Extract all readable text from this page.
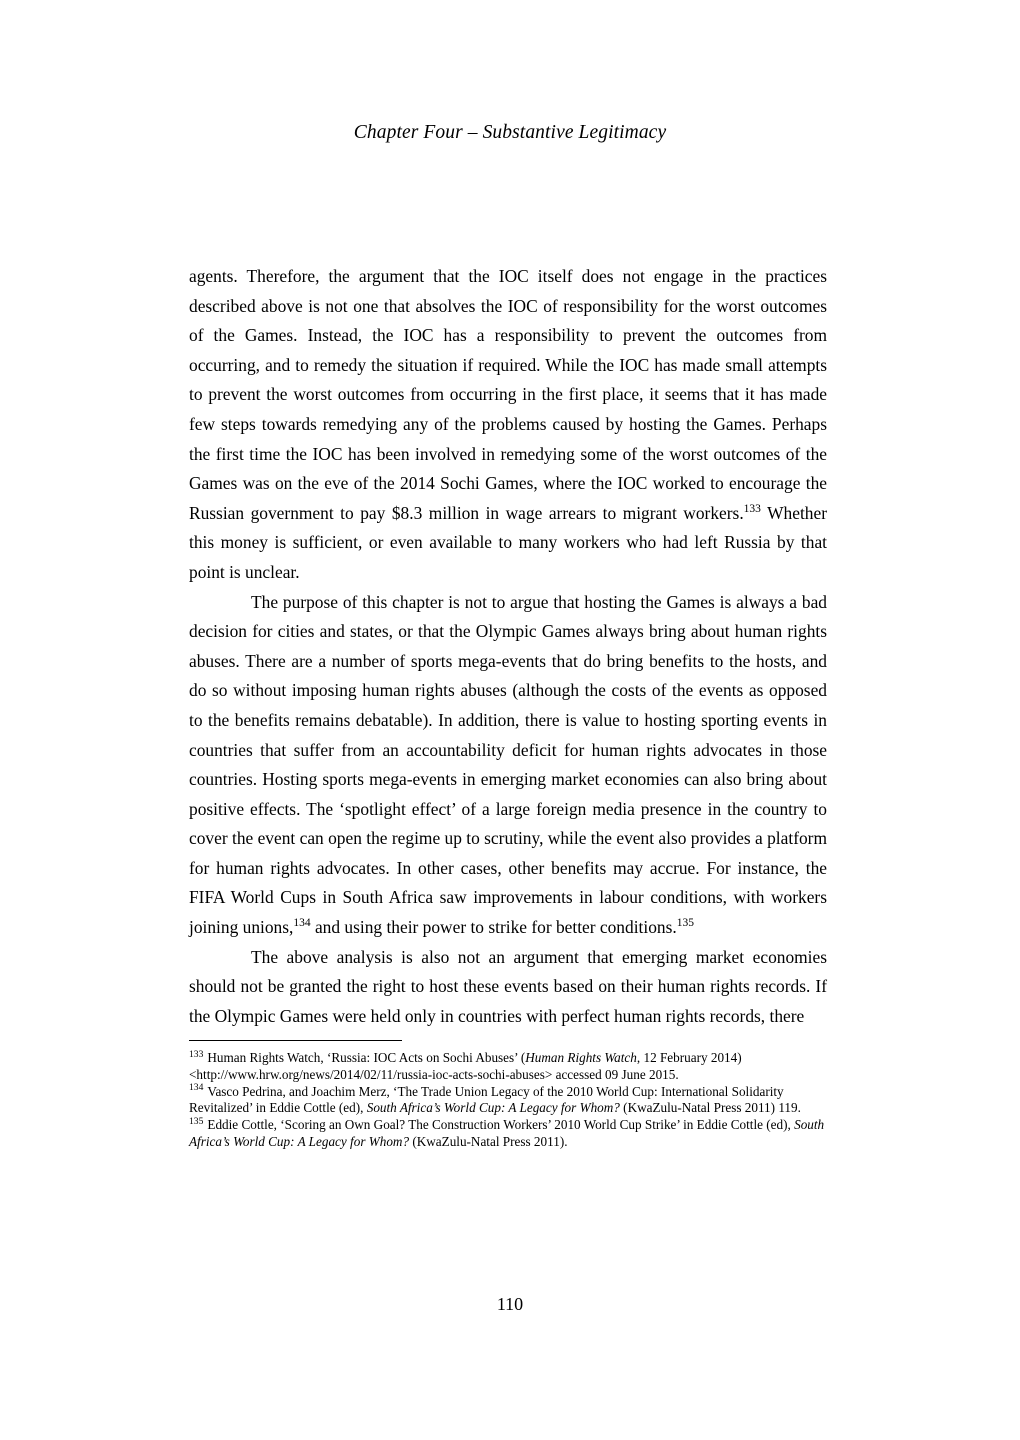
Chapter Four – Substantive Legitimacy

agents. Therefore, the argument that the IOC itself does not engage in the practices described above is not one that absolves the IOC of responsibility for the worst outcomes of the Games. Instead, the IOC has a responsibility to prevent the outcomes from occurring, and to remedy the situation if required. While the IOC has made small attempts to prevent the worst outcomes from occurring in the first place, it seems that it has made few steps towards remedying any of the problems caused by hosting the Games. Perhaps the first time the IOC has been involved in remedying some of the worst outcomes of the Games was on the eve of the 2014 Sochi Games, where the IOC worked to encourage the Russian government to pay $8.3 million in wage arrears to migrant workers.$^{133}$ Whether this money is sufficient, or even available to many workers who had left Russia by that point is unclear.

The purpose of this chapter is not to argue that hosting the Games is always a bad decision for cities and states, or that the Olympic Games always bring about human rights abuses. There are a number of sports mega-events that do bring benefits to the hosts, and do so without imposing human rights abuses (although the costs of the events as opposed to the benefits remains debatable). In addition, there is value to hosting sporting events in countries that suffer from an accountability deficit for human rights advocates in those countries. Hosting sports mega-events in emerging market economies can also bring about positive effects. The ‘spotlight effect’ of a large foreign media presence in the country to cover the event can open the regime up to scrutiny, while the event also provides a platform for human rights advocates. In other cases, other benefits may accrue. For instance, the FIFA World Cups in South Africa saw improvements in labour conditions, with workers joining unions,$^{134}$ and using their power to strike for better conditions.$^{135}$

The above analysis is also not an argument that emerging market economies should not be granted the right to host these events based on their human rights records. If the Olympic Games were held only in countries with perfect human rights records, there

$^{133}$ Human Rights Watch, ‘Russia: IOC Acts on Sochi Abuses’ (Human Rights Watch, 12 February 2014) <http://www.hrw.org/news/2014/02/11/russia-ioc-acts-sochi-abuses> accessed 09 June 2015.

$^{134}$ Vasco Pedrina, and Joachim Merz, ‘The Trade Union Legacy of the 2010 World Cup: International Solidarity Revitalized’ in Eddie Cottle (ed), South Africa’s World Cup: A Legacy for Whom? (KwaZulu-Natal Press 2011) 119.

$^{135}$ Eddie Cottle, ‘Scoring an Own Goal? The Construction Workers’ 2010 World Cup Strike’ in Eddie Cottle (ed), South Africa’s World Cup: A Legacy for Whom? (KwaZulu-Natal Press 2011).

110
